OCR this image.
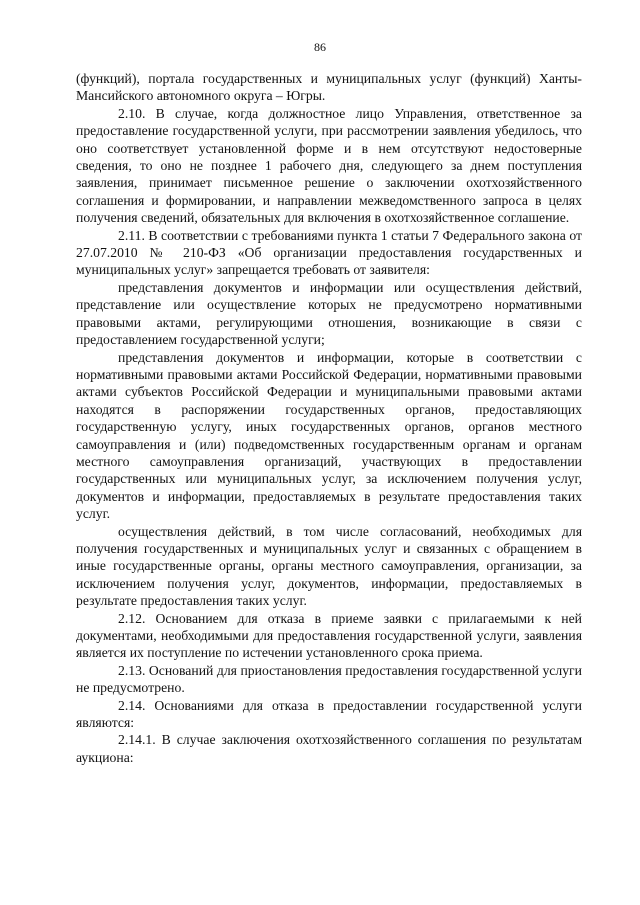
86

(функций), портала государственных и муниципальных услуг (функций) Ханты-Мансийского автономного округа – Югры.

2.10. В случае, когда должностное лицо Управления, ответственное за предоставление государственной услуги, при рассмотрении заявления убедилось, что оно соответствует установленной форме и в нем отсутствуют недостоверные сведения, то оно не позднее 1 рабочего дня, следующего за днем поступления заявления, принимает письменное решение о заключении охотхозяйственного соглашения и формировании, и направлении межведомственного запроса в целях получения сведений, обязательных для включения в охотхозяйственное соглашение.

2.11. В соответствии с требованиями пункта 1 статьи 7 Федерального закона от 27.07.2010 № 210-ФЗ «Об организации предоставления государственных и муниципальных услуг» запрещается требовать от заявителя:

представления документов и информации или осуществления действий, представление или осуществление которых не предусмотрено нормативными правовыми актами, регулирующими отношения, возникающие в связи с предоставлением государственной услуги;

представления документов и информации, которые в соответствии с нормативными правовыми актами Российской Федерации, нормативными правовыми актами субъектов Российской Федерации и муниципальными правовыми актами находятся в распоряжении государственных органов, предоставляющих государственную услугу, иных государственных органов, органов местного самоуправления и (или) подведомственных государственным органам и органам местного самоуправления организаций, участвующих в предоставлении государственных или муниципальных услуг, за исключением получения услуг, документов и информации, предоставляемых в результате предоставления таких услуг.

осуществления действий, в том числе согласований, необходимых для получения государственных и муниципальных услуг и связанных с обращением в иные государственные органы, органы местного самоуправления, организации, за исключением получения услуг, документов, информации, предоставляемых в результате предоставления таких услуг.

2.12. Основанием для отказа в приеме заявки с прилагаемыми к ней документами, необходимыми для предоставления государственной услуги, заявления является их поступление по истечении установленного срока приема.

2.13. Оснований для приостановления предоставления государственной услуги не предусмотрено.

2.14. Основаниями для отказа в предоставлении государственной услуги являются:

2.14.1. В случае заключения охотхозяйственного соглашения по результатам аукциона:
